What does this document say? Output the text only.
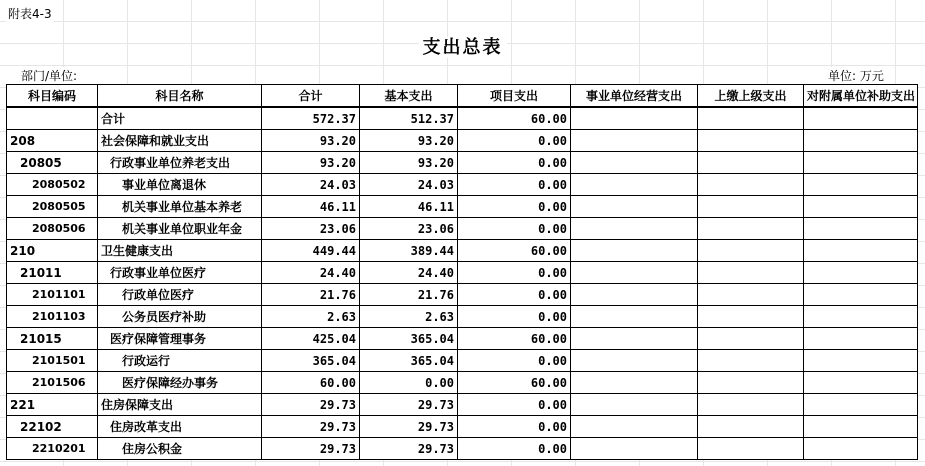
附表4-3
支出总表
部门/单位:	单位: 万元
科目编码	科目名称	合计	基本支出	项目支出	事业单位经营支出	上缴上级支出	对附属单位补助支出
	合计	572.37	512.37	60.00			
208	社会保障和就业支出	93.20	93.20	0.00			
20805	行政事业单位养老支出	93.20	93.20	0.00			
2080502	事业单位离退休	24.03	24.03	0.00			
2080505	机关事业单位基本养老	46.11	46.11	0.00			
2080506	机关事业单位职业年金	23.06	23.06	0.00			
210	卫生健康支出	449.44	389.44	60.00			
21011	行政事业单位医疗	24.40	24.40	0.00			
2101101	行政单位医疗	21.76	21.76	0.00			
2101103	公务员医疗补助	2.63	2.63	0.00			
21015	医疗保障管理事务	425.04	365.04	60.00			
2101501	行政运行	365.04	365.04	0.00			
2101506	医疗保障经办事务	60.00	0.00	60.00			
221	住房保障支出	29.73	29.73	0.00			
22102	住房改革支出	29.73	29.73	0.00			
2210201	住房公积金	29.73	29.73	0.00			
